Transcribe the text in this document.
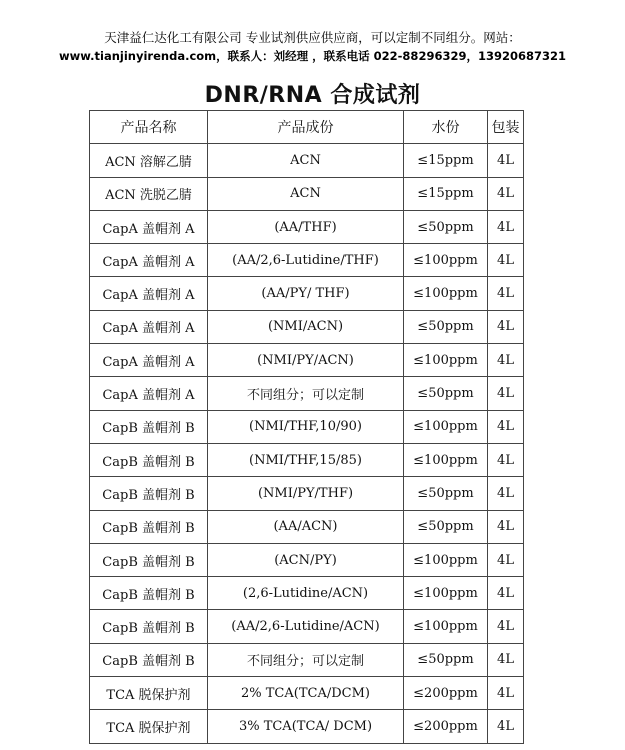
天津益仁达化工有限公司 专业试剂供应供应商，可以定制不同组分。网站：
www.tianjinyirenda.com，联系人：刘经理 ，联系电话 022-88296329，13920687321
DNR/RNA 合成试剂
产品名称	产品成份	水份	包装
ACN 溶解乙腈	ACN	≤15ppm	4L
ACN 洗脱乙腈	ACN	≤15ppm	4L
CapA 盖帽剂 A	(AA/THF)	≤50ppm	4L
CapA 盖帽剂 A	(AA/2,6-Lutidine/THF)	≤100ppm	4L
CapA 盖帽剂 A	(AA/PY/ THF)	≤100ppm	4L
CapA 盖帽剂 A	(NMI/ACN)	≤50ppm	4L
CapA 盖帽剂 A	(NMI/PY/ACN)	≤100ppm	4L
CapA 盖帽剂 A	不同组分；可以定制	≤50ppm	4L
CapB 盖帽剂 B	(NMI/THF,10/90)	≤100ppm	4L
CapB 盖帽剂 B	(NMI/THF,15/85)	≤100ppm	4L
CapB 盖帽剂 B	(NMI/PY/THF)	≤50ppm	4L
CapB 盖帽剂 B	(AA/ACN)	≤50ppm	4L
CapB 盖帽剂 B	(ACN/PY)	≤100ppm	4L
CapB 盖帽剂 B	(2,6-Lutidine/ACN)	≤100ppm	4L
CapB 盖帽剂 B	(AA/2,6-Lutidine/ACN)	≤100ppm	4L
CapB 盖帽剂 B	不同组分；可以定制	≤50ppm	4L
TCA 脱保护剂	2% TCA(TCA/DCM)	≤200ppm	4L
TCA 脱保护剂	3% TCA(TCA/ DCM)	≤200ppm	4L
